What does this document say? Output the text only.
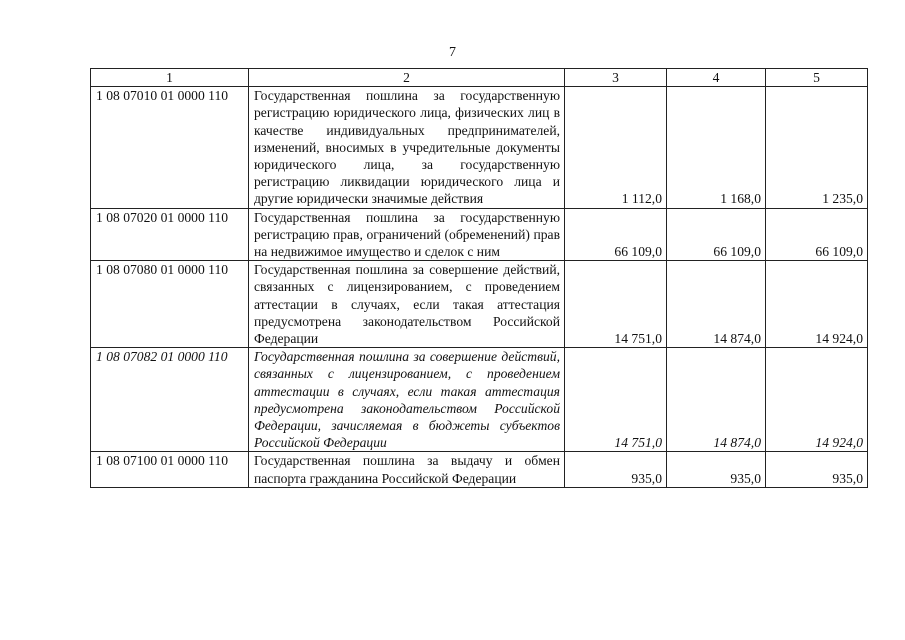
7
1	2	3	4	5
1 08 07010 01 0000 110	Государственная пошлина за государственную регистрацию юридического лица, физических лиц в качестве индивидуальных предпринимателей, изменений, вносимых в учредительные документы юридического лица, за государственную регистрацию ликвидации юридического лица и другие юридически значимые действия	1 112,0	1 168,0	1 235,0
1 08 07020 01 0000 110	Государственная пошлина за государственную регистрацию прав, ограничений (обременений) прав на недвижимое имущество и сделок с ним	66 109,0	66 109,0	66 109,0
1 08 07080 01 0000 110	Государственная пошлина за совершение действий, связанных с лицензированием, с проведением аттестации в случаях, если такая аттестация предусмотрена законодательством Российской Федерации	14 751,0	14 874,0	14 924,0
1 08 07082 01 0000 110	Государственная пошлина за совершение действий, связанных с лицензированием, с проведением аттестации в случаях, если такая аттестация предусмотрена законодательством Российской Федерации, зачисляемая в бюджеты субъектов Российской Федерации	14 751,0	14 874,0	14 924,0
1 08 07100 01 0000 110	Государственная пошлина за выдачу и обмен паспорта гражданина Российской Федерации	935,0	935,0	935,0
